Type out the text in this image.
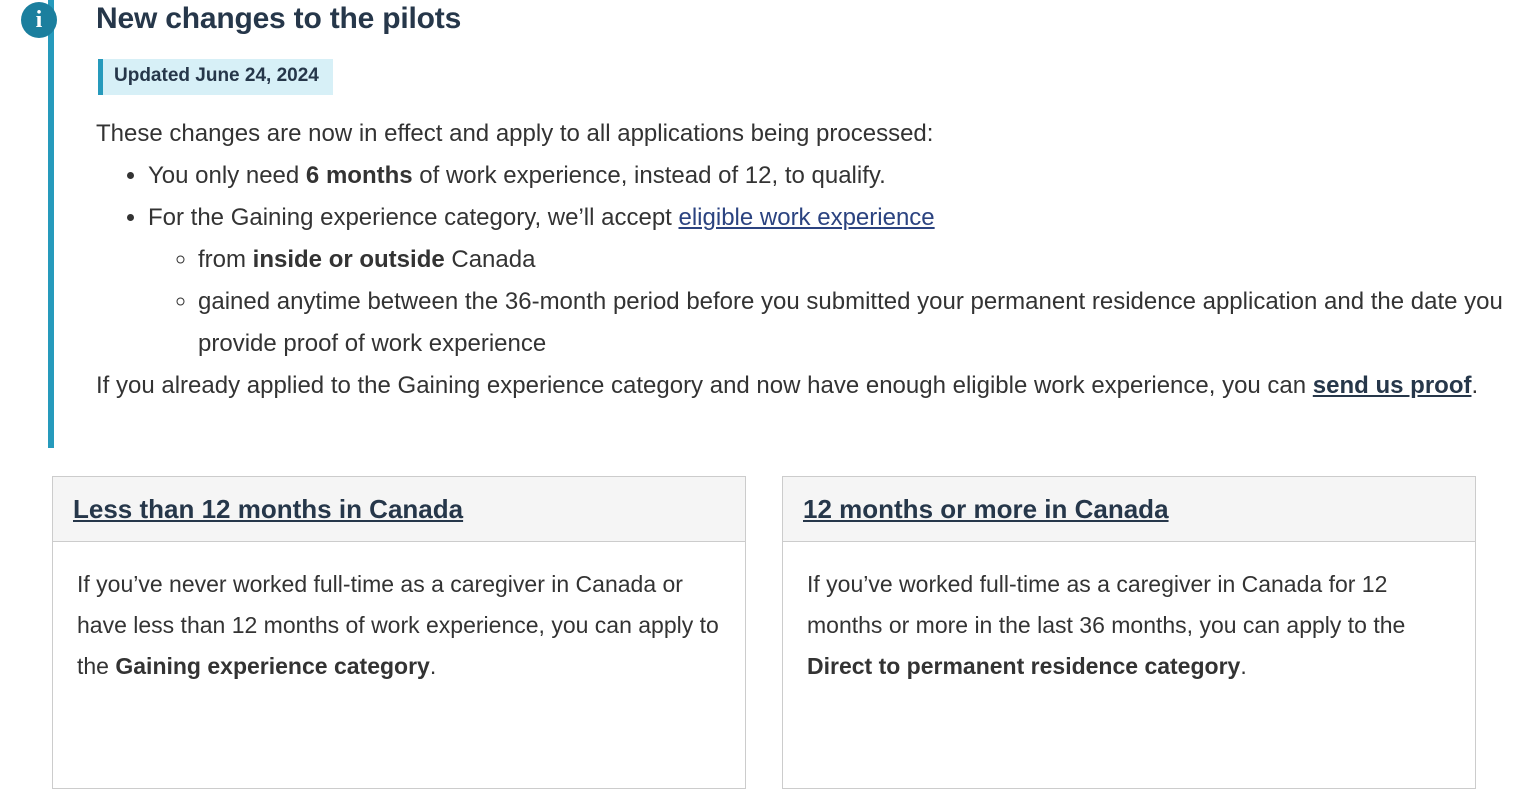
i	New changes to the pilots
Updated June 24, 2024

These changes are now in effect and apply to all applications being processed:

• You only need 6 months of work experience, instead of 12, to qualify.
• For the Gaining experience category, we’ll accept eligible work experience
◦ from inside or outside Canada
◦ gained anytime between the 36-month period before you submitted your permanent residence application and the date you provide proof of work experience

If you already applied to the Gaining experience category and now have enough eligible work experience, you can send us proof.

Less than 12 months in Canada

If you’ve never worked full-time as a caregiver in Canada or have less than 12 months of work experience, you can apply to the Gaining experience category.

12 months or more in Canada

If you’ve worked full-time as a caregiver in Canada for 12 months or more in the last 36 months, you can apply to the Direct to permanent residence category.
